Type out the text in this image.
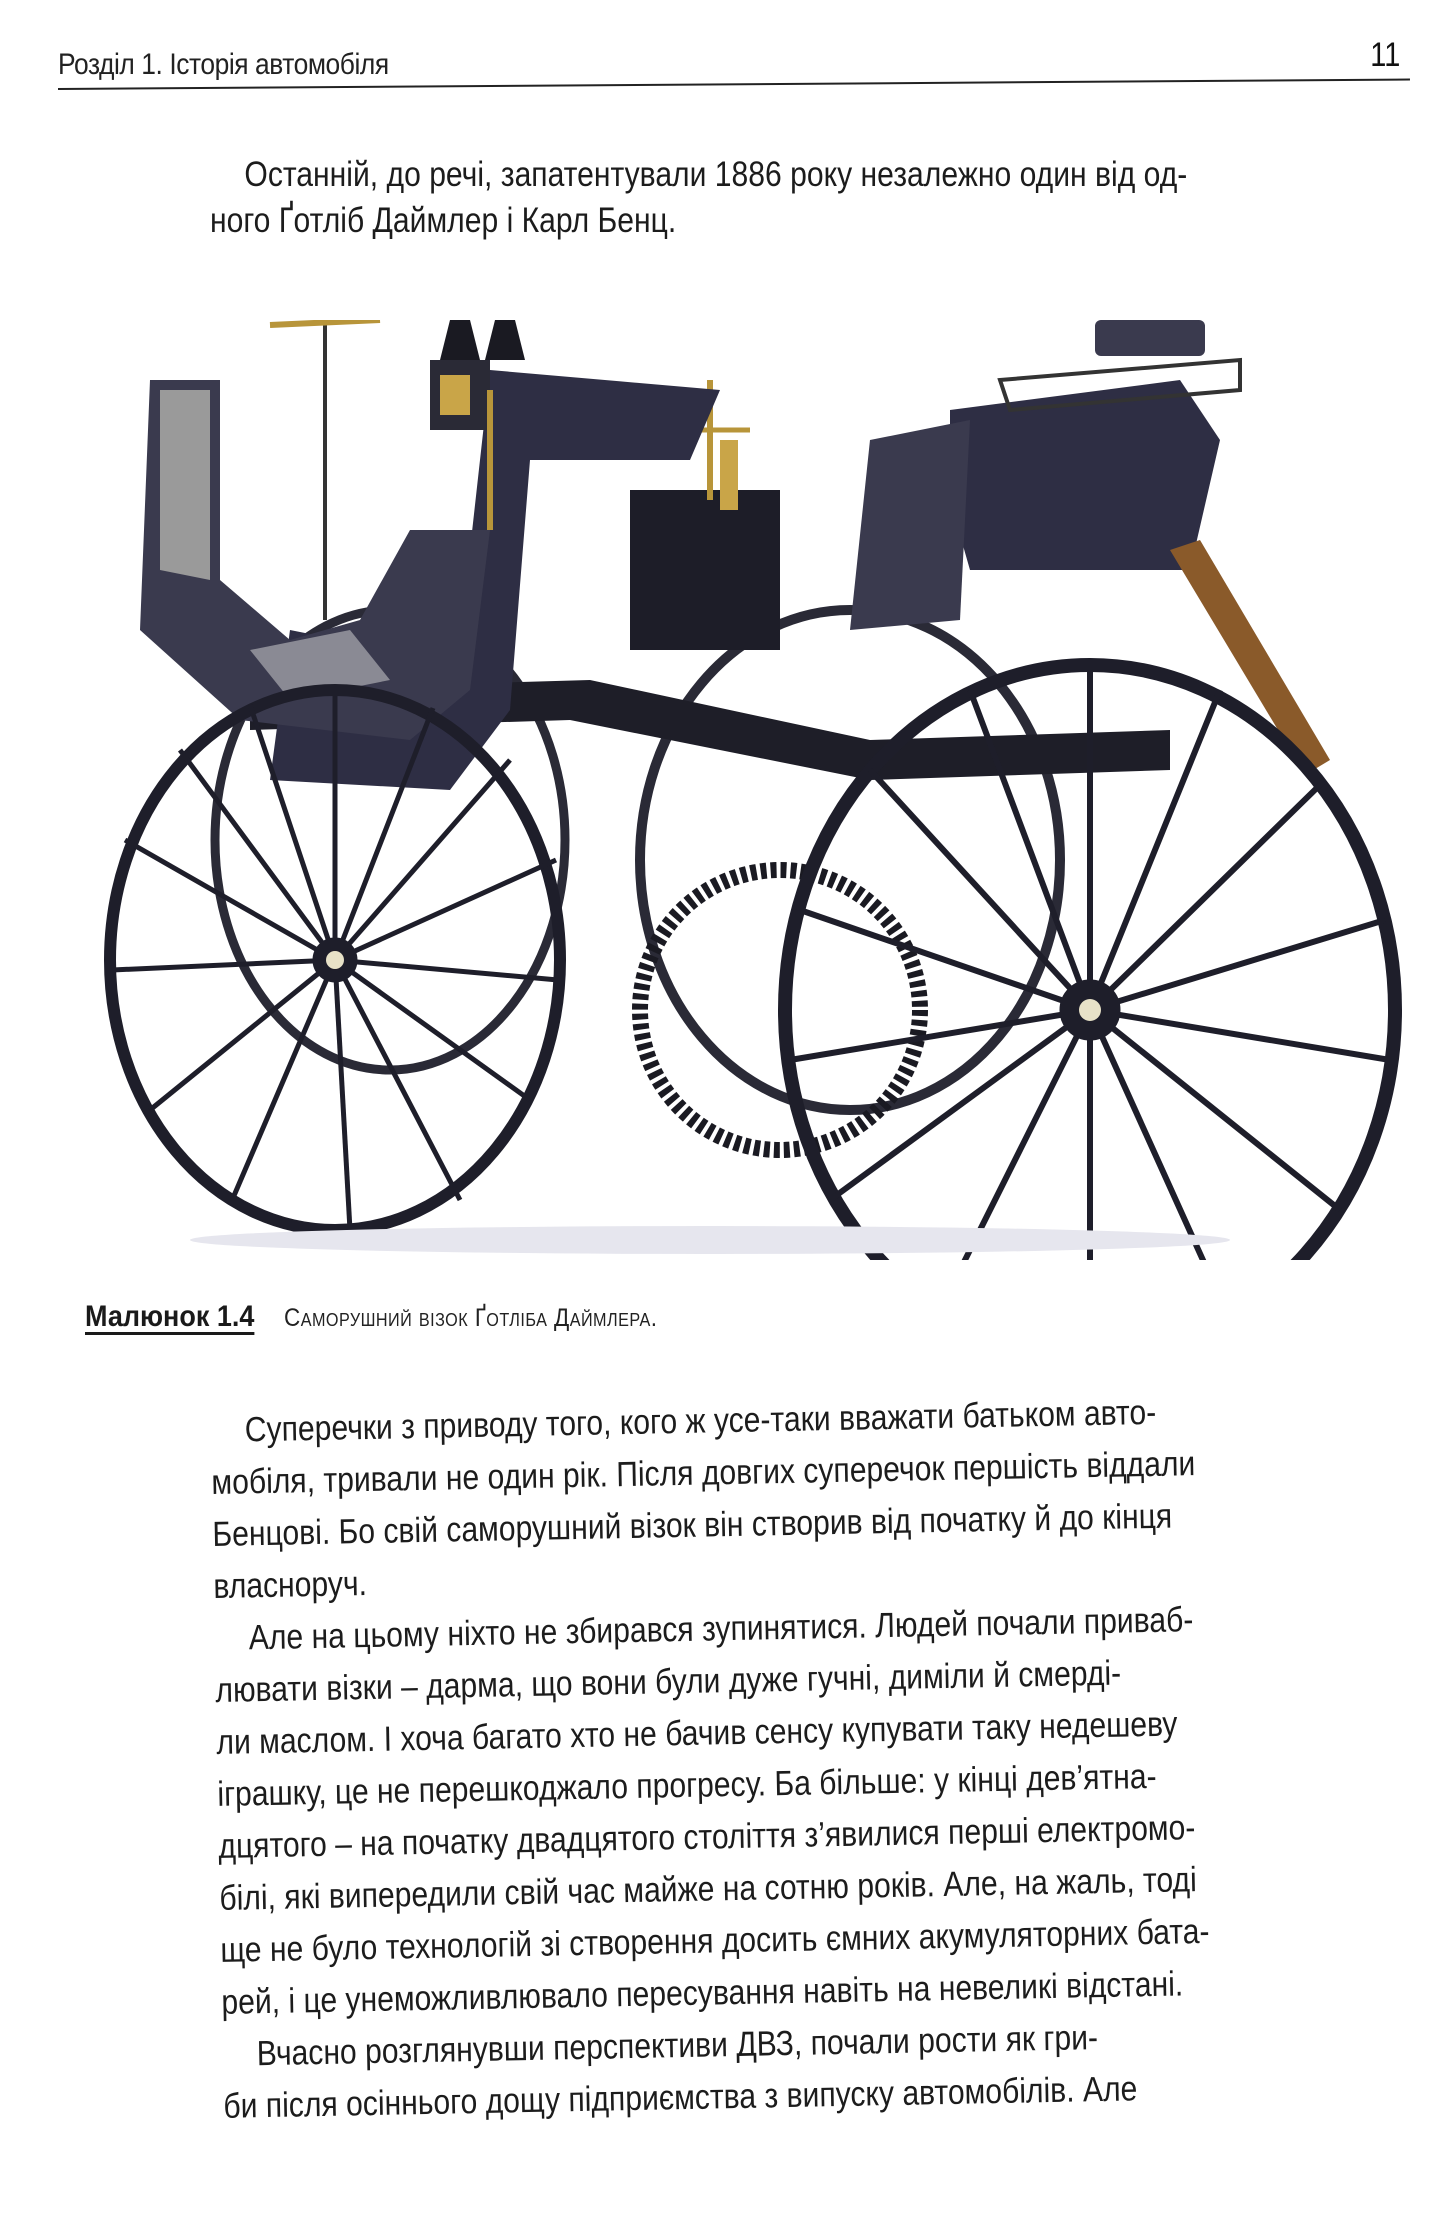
Розділ 1. Історія автомобіля	11
Останній, до речі, запатентували 1886 року незалежно один від од-
ного Ґотліб Даймлер і Карл Бенц.
Малюнок 1.4 Саморушний візок Ґотліба Даймлера.
Суперечки з приводу того, кого ж усе-таки вважати батьком авто-
мобіля, тривали не один рік. Після довгих суперечок першість віддали
Бенцові. Бо свій саморушний візок він створив від початку й до кінця
власноруч.
Але на цьому ніхто не збирався зупинятися. Людей почали приваб-
лювати візки – дарма, що вони були дуже гучні, диміли й смерді-
ли маслом. І хоча багато хто не бачив сенсу купувати таку недешеву
іграшку, це не перешкоджало прогресу. Ба більше: у кінці дев’ятна-
дцятого – на початку двадцятого століття з’явилися перші електромо-
білі, які випередили свій час майже на сотню років. Але, на жаль, тоді
ще не було технологій зі створення досить ємних акумуляторних бата-
рей, і це унеможливлювало пересування навіть на невеликі відстані.
Вчасно розглянувши перспективи ДВЗ, почали рости як гри-
би після осіннього дощу підприємства з випуску автомобілів. Але
